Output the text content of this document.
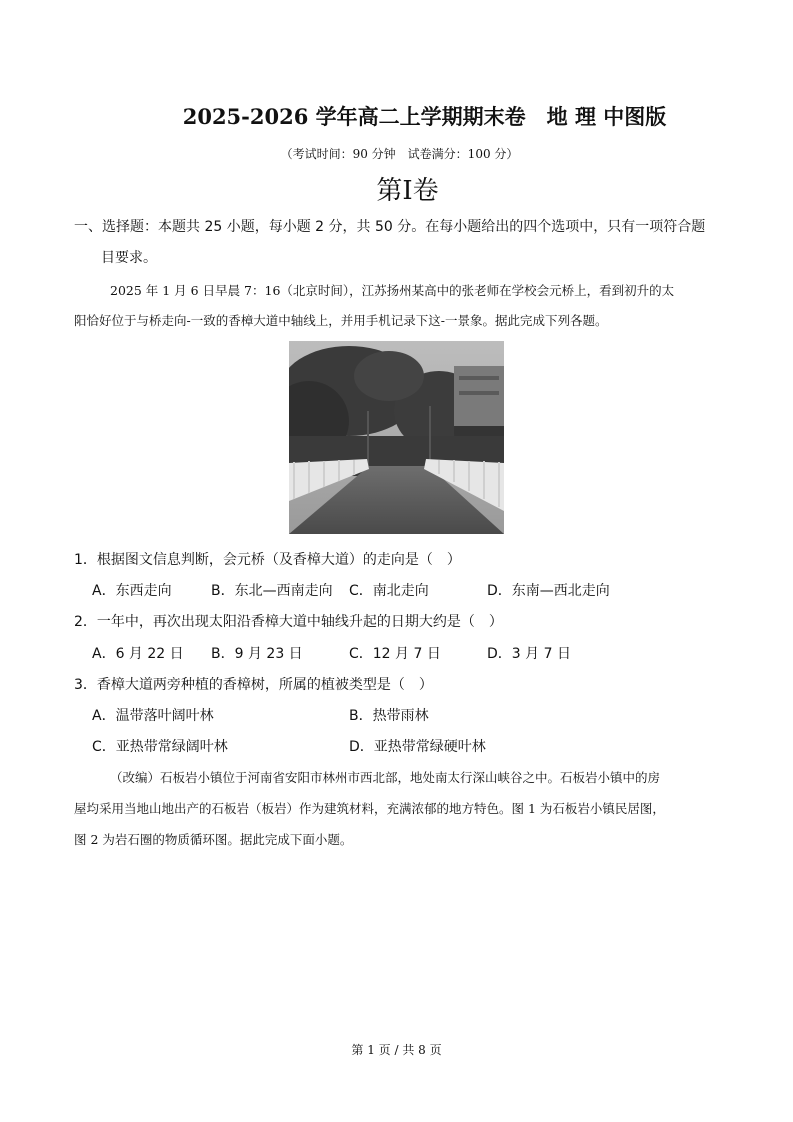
2025-2026 学年高二上学期期末卷　地 理 中图版
（考试时间：90 分钟　试卷满分：100 分）
第I卷
一、选择题：本题共 25 小题，每小题 2 分，共 50 分。在每小题给出的四个选项中，只有一项符合题
目要求。
2025 年 1 月 6 日早晨 7：16（北京时间），江苏扬州某高中的张老师在学校会元桥上，看到初升的太
阳恰好位于与桥走向-一致的香樟大道中轴线上，并用手机记录下这-一景象。据此完成下列各题。
1．根据图文信息判断，会元桥（及香樟大道）的走向是（　）
A．东西走向	B．东北—西南走向 C．南北走向	D．东南—西北走向
2．一年中，再次出现太阳沿香樟大道中轴线升起的日期大约是（　）
A．6 月 22 日 B．9 月 23 日	C．12 月 7 日	D．3 月 7 日
3．香樟大道两旁种植的香樟树，所属的植被类型是（　）
A．温带落叶阔叶林	B．热带雨林
C．亚热带常绿阔叶林	D．亚热带常绿硬叶林
（改编）石板岩小镇位于河南省安阳市林州市西北部，地处南太行深山峡谷之中。石板岩小镇中的房
屋均采用当地山地出产的石板岩（板岩）作为建筑材料，充满浓郁的地方特色。图 1 为石板岩小镇民居图，
图 2 为岩石圈的物质循环图。据此完成下面小题。
第 1 页 / 共 8 页
